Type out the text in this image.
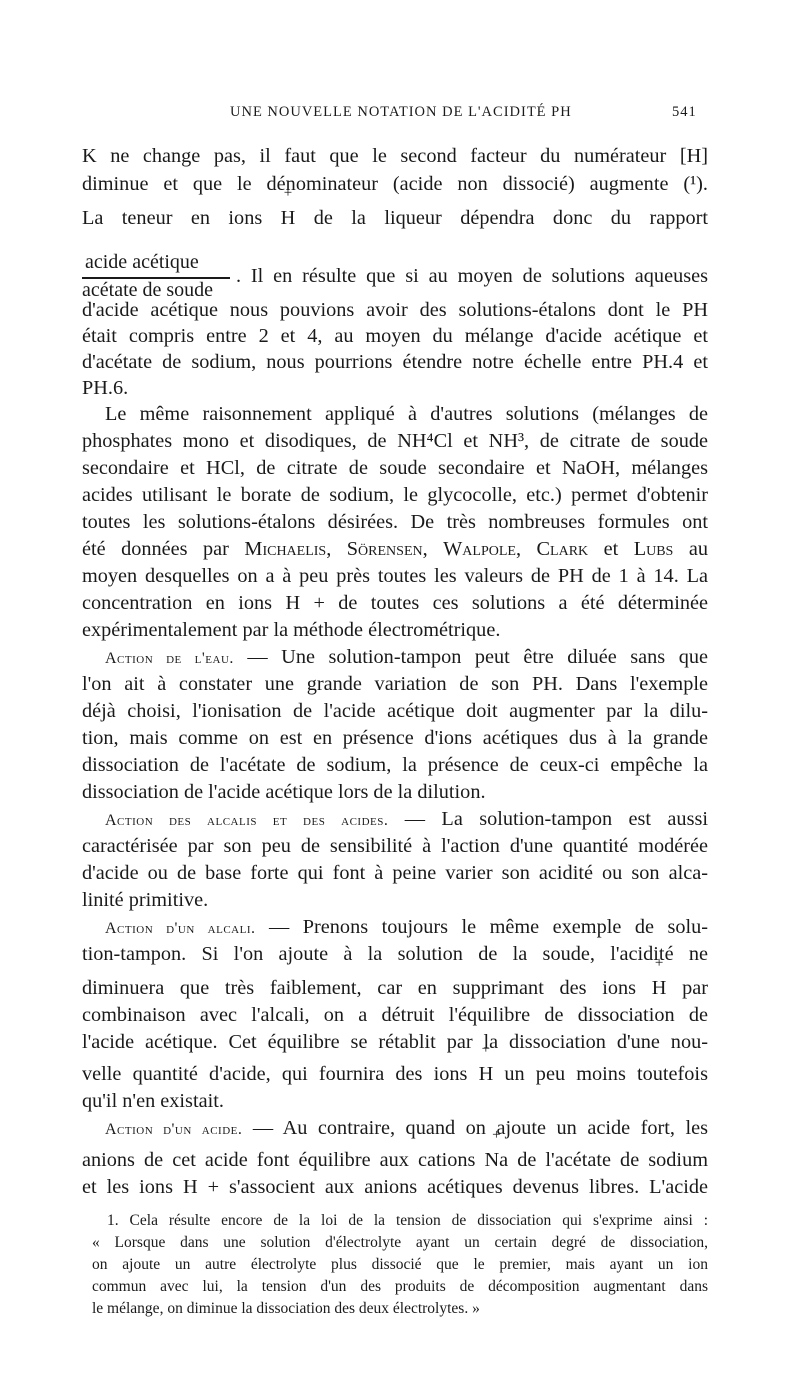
UNE NOUVELLE NOTATION DE L'ACIDITÉ PH	541
K ne change pas, il faut que le second facteur du numérateur [H]
diminue et que le dénominateur (acide non dissocié) augmente (¹).
La teneur en ions + H de la liqueur dépendra donc du rapport
acide acétique
acétate de soude
. Il en résulte que si au moyen de solutions aqueuses
d'acide acétique nous pouvions avoir des solutions-étalons dont le PH
était compris entre 2 et 4, au moyen du mélange d'acide acétique et
d'acétate de sodium, nous pourrions étendre notre échelle entre PH.4 et
PH.6.
Le même raisonnement appliqué à d'autres solutions (mélanges de
phosphates mono et disodiques, de NH⁴Cl et NH³, de citrate de soude
secondaire et HCl, de citrate de soude secondaire et NaOH, mélanges
acides utilisant le borate de sodium, le glycocolle, etc.) permet d'obtenir
toutes les solutions-étalons désirées. De très nombreuses formules ont
été données par Michaelis, Sörensen, Walpole, Clark et Lubs au
moyen desquelles on a à peu près toutes les valeurs de PH de 1 à 14. La
concentration en ions H + de toutes ces solutions a été déterminée
expérimentalement par la méthode électrométrique.
Action de l'eau. — Une solution-tampon peut être diluée sans que
l'on ait à constater une grande variation de son PH. Dans l'exemple
déjà choisi, l'ionisation de l'acide acétique doit augmenter par la dilu-
tion, mais comme on est en présence d'ions acétiques dus à la grande
dissociation de l'acétate de sodium, la présence de ceux-ci empêche la
dissociation de l'acide acétique lors de la dilution.
Action des alcalis et des acides. — La solution-tampon est aussi
caractérisée par son peu de sensibilité à l'action d'une quantité modérée
d'acide ou de base forte qui font à peine varier son acidité ou son alca-
linité primitive.
Action d'un alcali. — Prenons toujours le même exemple de solu-
tion-tampon. Si l'on ajoute à la solution de la soude, l'acidité ne
diminuera que très faiblement, car en supprimant des ions + H par
combinaison avec l'alcali, on a détruit l'équilibre de dissociation de
l'acide acétique. Cet équilibre se rétablit par la dissociation d'une nou-
velle quantité d'acide, qui fournira des ions + H un peu moins toutefois
qu'il n'en existait.
Action d'un acide. — Au contraire, quand on ajoute un acide fort, les
anions de cet acide font équilibre aux cations + Na de l'acétate de sodium
et les ions H + s'associent aux anions acétiques devenus libres. L'acide
1. Cela résulte encore de la loi de la tension de dissociation qui s'exprime ainsi :
« Lorsque dans une solution d'électrolyte ayant un certain degré de dissociation,
on ajoute un autre électrolyte plus dissocié que le premier, mais ayant un ion
commun avec lui, la tension d'un des produits de décomposition augmentant dans
le mélange, on diminue la dissociation des deux électrolytes. »
